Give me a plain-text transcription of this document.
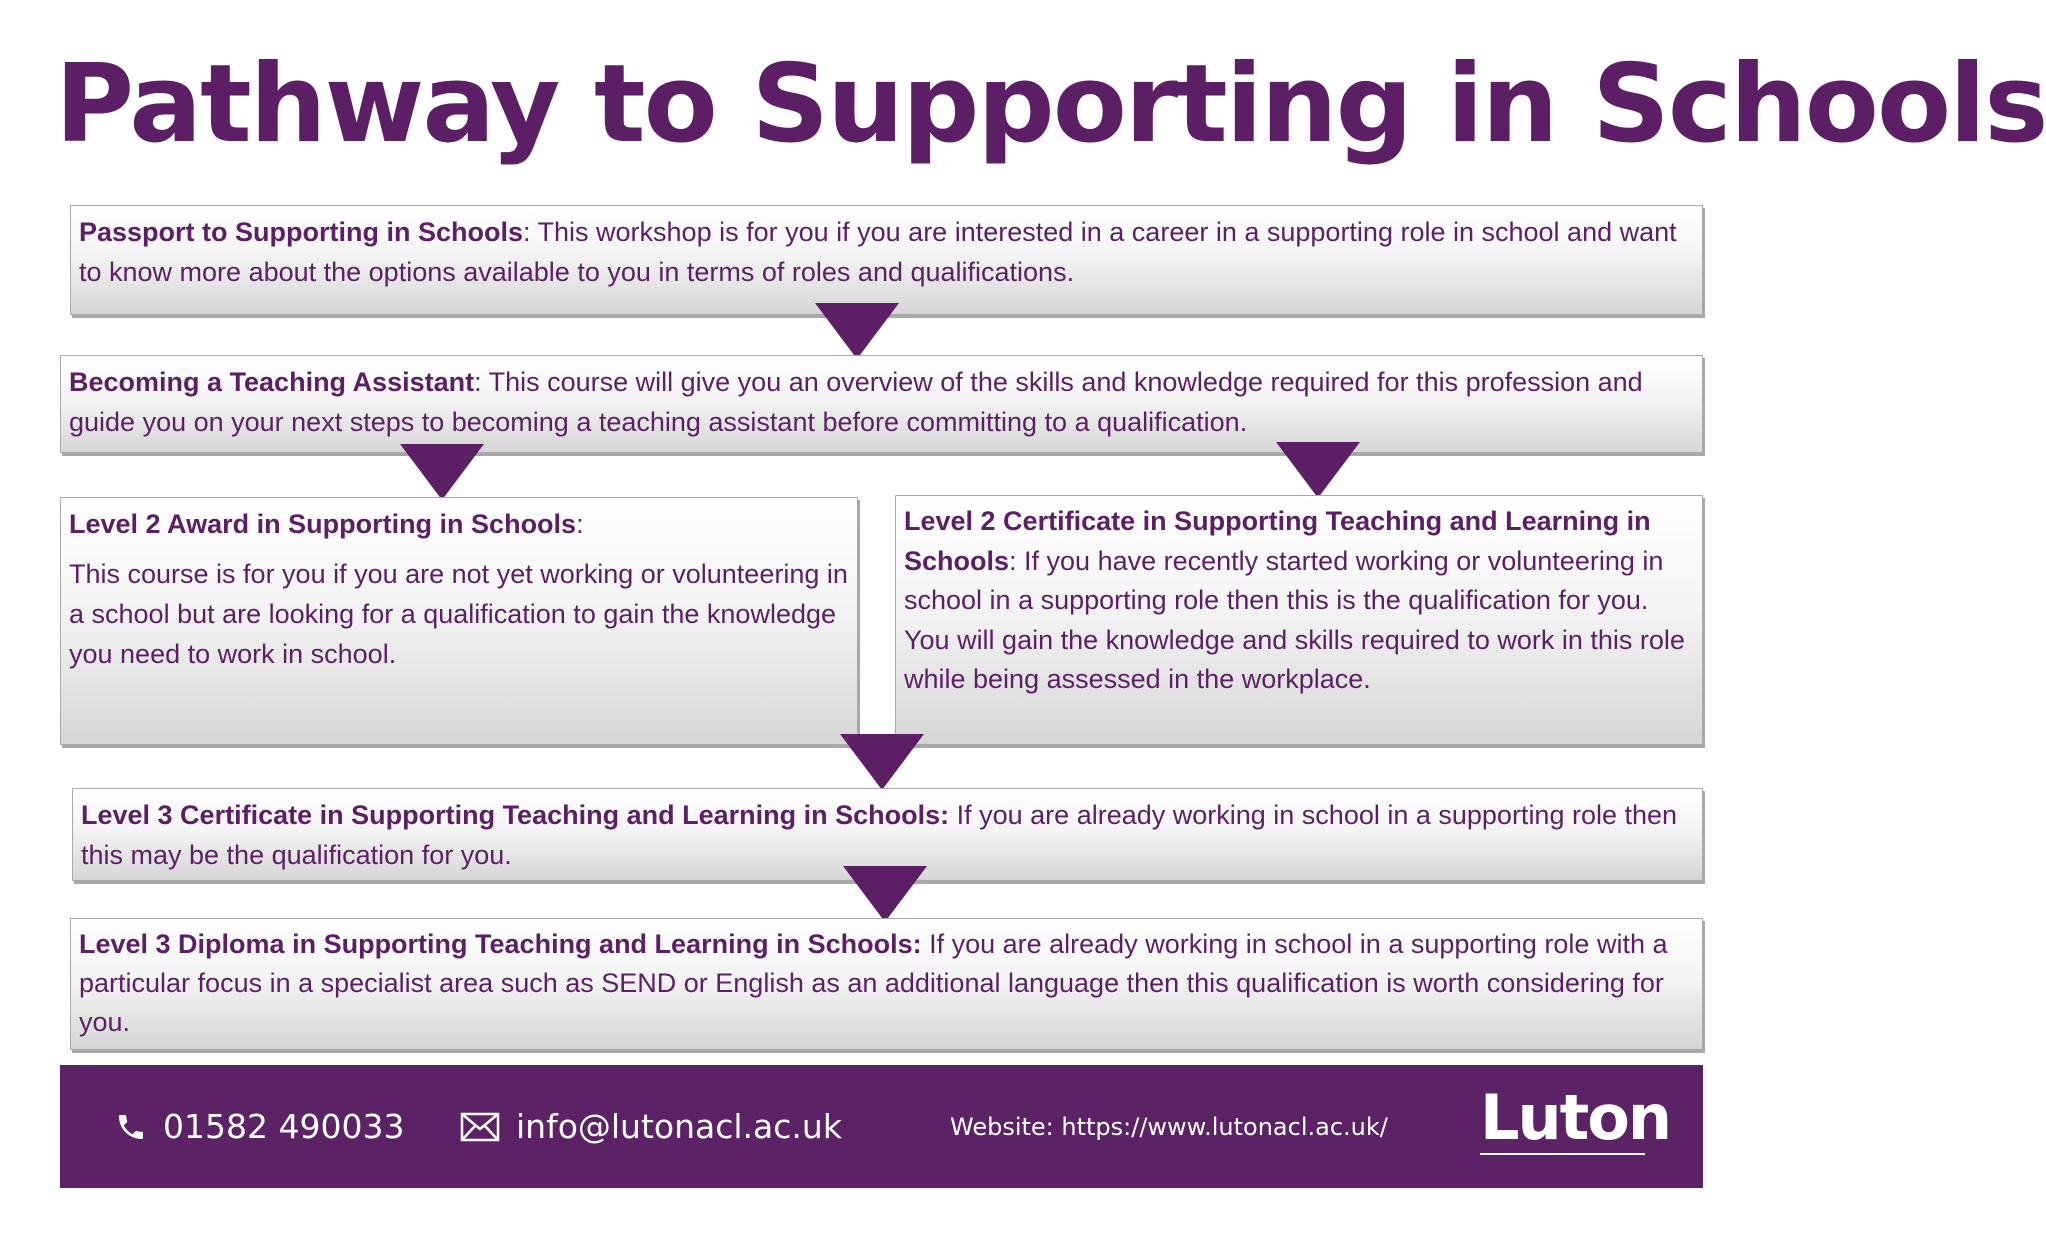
Pathway to Supporting in Schools
Passport to Supporting in Schools: This workshop is for you if you are interested in a career in a supporting role in school and want to know more about the options available to you in terms of roles and qualifications.
Becoming a Teaching Assistant: This course will give you an overview of the skills and knowledge required for this profession and guide you on your next steps to becoming a teaching assistant before committing to a qualification.
Level 2 Award in Supporting in Schools:
This course is for you if you are not yet working or volunteering in a school but are looking for a qualification to gain the knowledge you need to work in school.
Level 2 Certificate in Supporting Teaching and Learning in Schools: If you have recently started working or volunteering in school in a supporting role then this is the qualification for you. You will gain the knowledge and skills required to work in this role while being assessed in the workplace.
Level 3 Certificate in Supporting Teaching and Learning in Schools: If you are already working in school in a supporting role then this may be the qualification for you.
Level 3 Diploma in Supporting Teaching and Learning in Schools: If you are already working in school in a supporting role with a particular focus in a specialist area such as SEND or English as an additional language then this qualification is worth considering for you.
01582 490033	info@lutonacl.ac.uk	Website: https://www.lutonacl.ac.uk/ Luton
